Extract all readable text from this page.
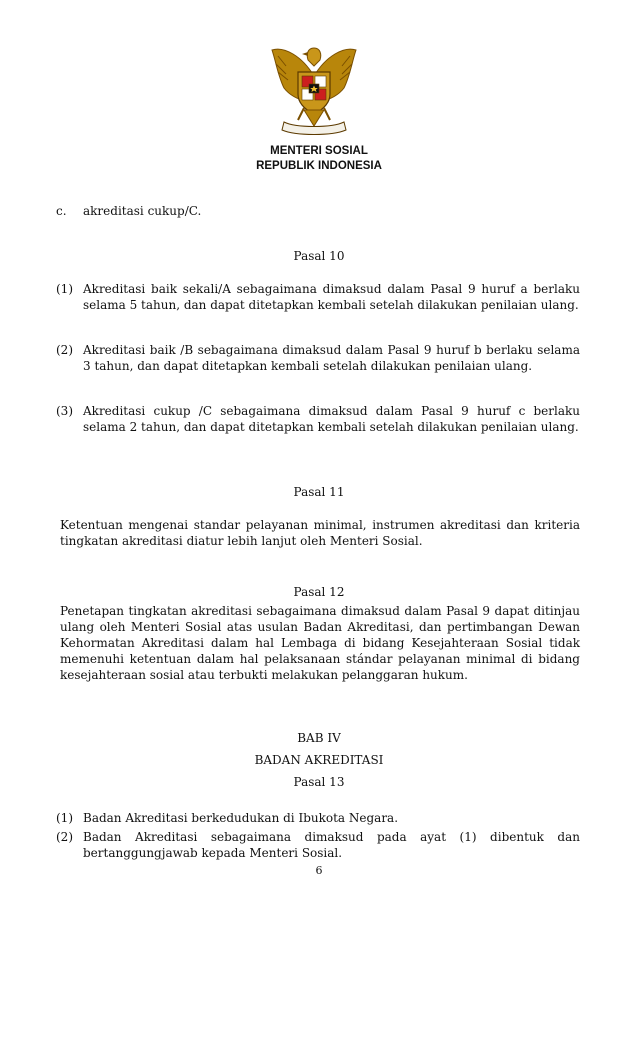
MENTERI SOSIAL
REPUBLIK INDONESIA
c. akreditasi cukup/C.
Pasal 10
(1) Akreditasi baik sekali/A sebagaimana dimaksud dalam Pasal 9 huruf a berlaku selama 5 tahun, dan dapat ditetapkan kembali setelah dilakukan penilaian ulang.
(2) Akreditasi baik /B sebagaimana dimaksud dalam Pasal 9 huruf b berlaku selama 3 tahun, dan dapat ditetapkan kembali setelah dilakukan penilaian ulang.
(3) Akreditasi cukup /C sebagaimana dimaksud dalam Pasal 9 huruf c berlaku selama 2 tahun, dan dapat ditetapkan kembali setelah dilakukan penilaian ulang.
Pasal 11
Ketentuan mengenai standar pelayanan minimal, instrumen akreditasi dan kriteria tingkatan akreditasi diatur lebih lanjut oleh Menteri Sosial.
Pasal 12
Penetapan tingkatan akreditasi sebagaimana dimaksud dalam Pasal 9 dapat ditinjau ulang oleh Menteri Sosial atas usulan Badan Akreditasi, dan pertimbangan Dewan Kehormatan Akreditasi dalam hal Lembaga di bidang Kesejahteraan Sosial tidak memenuhi ketentuan dalam hal pelaksanaan stándar pelayanan minimal di bidang kesejahteraan sosial atau terbukti melakukan pelanggaran hukum.
BAB IV
BADAN AKREDITASI
Pasal 13
(1) Badan Akreditasi berkedudukan di Ibukota Negara.
(2) Badan Akreditasi sebagaimana dimaksud pada ayat (1) dibentuk dan bertanggungjawab kepada Menteri Sosial.
6
